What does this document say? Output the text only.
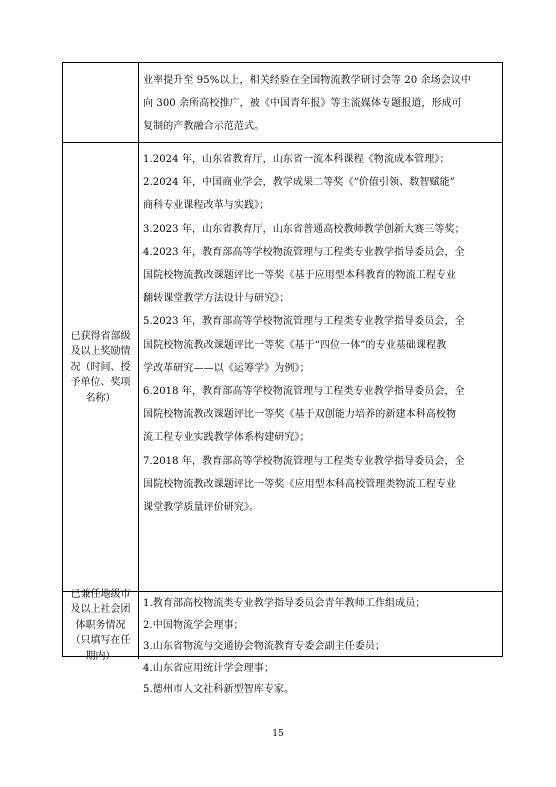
业率提升至 95%以上，相关经验在全国物流教学研讨会等 20 余场会议中
向 300 余所高校推广，被《中国青年报》等主流媒体专题报道，形成可
复制的产教融合示范范式。
已获得省部级及以上奖励情况（时间、授予单位、奖项名称）
1.2024 年，山东省教育厅，山东省一流本科课程《物流成本管理》；
2.2024 年，中国商业学会，教学成果二等奖《“价值引领、数智赋能”
商科专业课程改革与实践》；
3.2023 年，山东省教育厅，山东省普通高校教师教学创新大赛三等奖；
4.2023 年，教育部高等学校物流管理与工程类专业教学指导委员会，全
国院校物流教改课题评比一等奖《基于应用型本科教育的物流工程专业
翻转课堂教学方法设计与研究》；
5.2023 年，教育部高等学校物流管理与工程类专业教学指导委员会，全
国院校物流教改课题评比一等奖《基于“四位一体”的专业基础课程教
学改革研究——以《运筹学》为例》；
6.2018 年，教育部高等学校物流管理与工程类专业教学指导委员会，全
国院校物流教改课题评比一等奖《基于双创能力培养的新建本科高校物
流工程专业实践教学体系构建研究》；
7.2018 年，教育部高等学校物流管理与工程类专业教学指导委员会，全
国院校物流教改课题评比一等奖《应用型本科高校管理类物流工程专业
课堂教学质量评价研究》。
已兼任地级市及以上社会团体职务情况（只填写在任期内）
1.教育部高校物流类专业教学指导委员会青年教师工作组成员；
2.中国物流学会理事；
3.山东省物流与交通协会物流教育专委会副主任委员；
4.山东省应用统计学会理事；
5.德州市人文社科新型智库专家。
15
